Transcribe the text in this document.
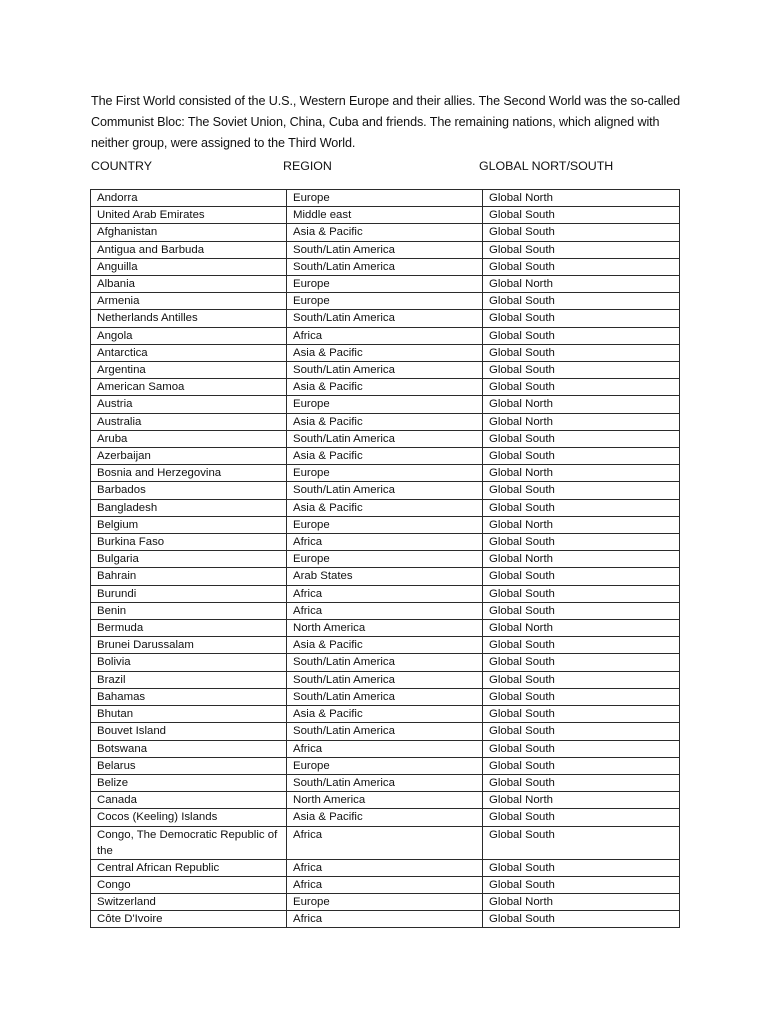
The First World consisted of the U.S., Western Europe and their allies. The Second World was the so-called Communist Bloc: The Soviet Union, China, Cuba and friends. The remaining nations, which aligned with neither group, were assigned to the Third World.
COUNTRY	REGION	GLOBAL NORT/SOUTH
Andorra	Europe	Global North
United Arab Emirates	Middle east	Global South
Afghanistan	Asia & Pacific	Global South
Antigua and Barbuda	South/Latin America	Global South
Anguilla	South/Latin America	Global South
Albania	Europe	Global North
Armenia	Europe	Global South
Netherlands Antilles	South/Latin America	Global South
Angola	Africa	Global South
Antarctica	Asia & Pacific	Global South
Argentina	South/Latin America	Global South
American Samoa	Asia & Pacific	Global South
Austria	Europe	Global North
Australia	Asia & Pacific	Global North
Aruba	South/Latin America	Global South
Azerbaijan	Asia & Pacific	Global South
Bosnia and Herzegovina	Europe	Global North
Barbados	South/Latin America	Global South
Bangladesh	Asia & Pacific	Global South
Belgium	Europe	Global North
Burkina Faso	Africa	Global South
Bulgaria	Europe	Global North
Bahrain	Arab States	Global South
Burundi	Africa	Global South
Benin	Africa	Global South
Bermuda	North America	Global North
Brunei Darussalam	Asia & Pacific	Global South
Bolivia	South/Latin America	Global South
Brazil	South/Latin America	Global South
Bahamas	South/Latin America	Global South
Bhutan	Asia & Pacific	Global South
Bouvet Island	South/Latin America	Global South
Botswana	Africa	Global South
Belarus	Europe	Global South
Belize	South/Latin America	Global South
Canada	North America	Global North
Cocos (Keeling) Islands	Asia & Pacific	Global South
Congo, The Democratic Republic of the	Africa	Global South
Central African Republic	Africa	Global South
Congo	Africa	Global South
Switzerland	Europe	Global North
Côte D'Ivoire	Africa	Global South
